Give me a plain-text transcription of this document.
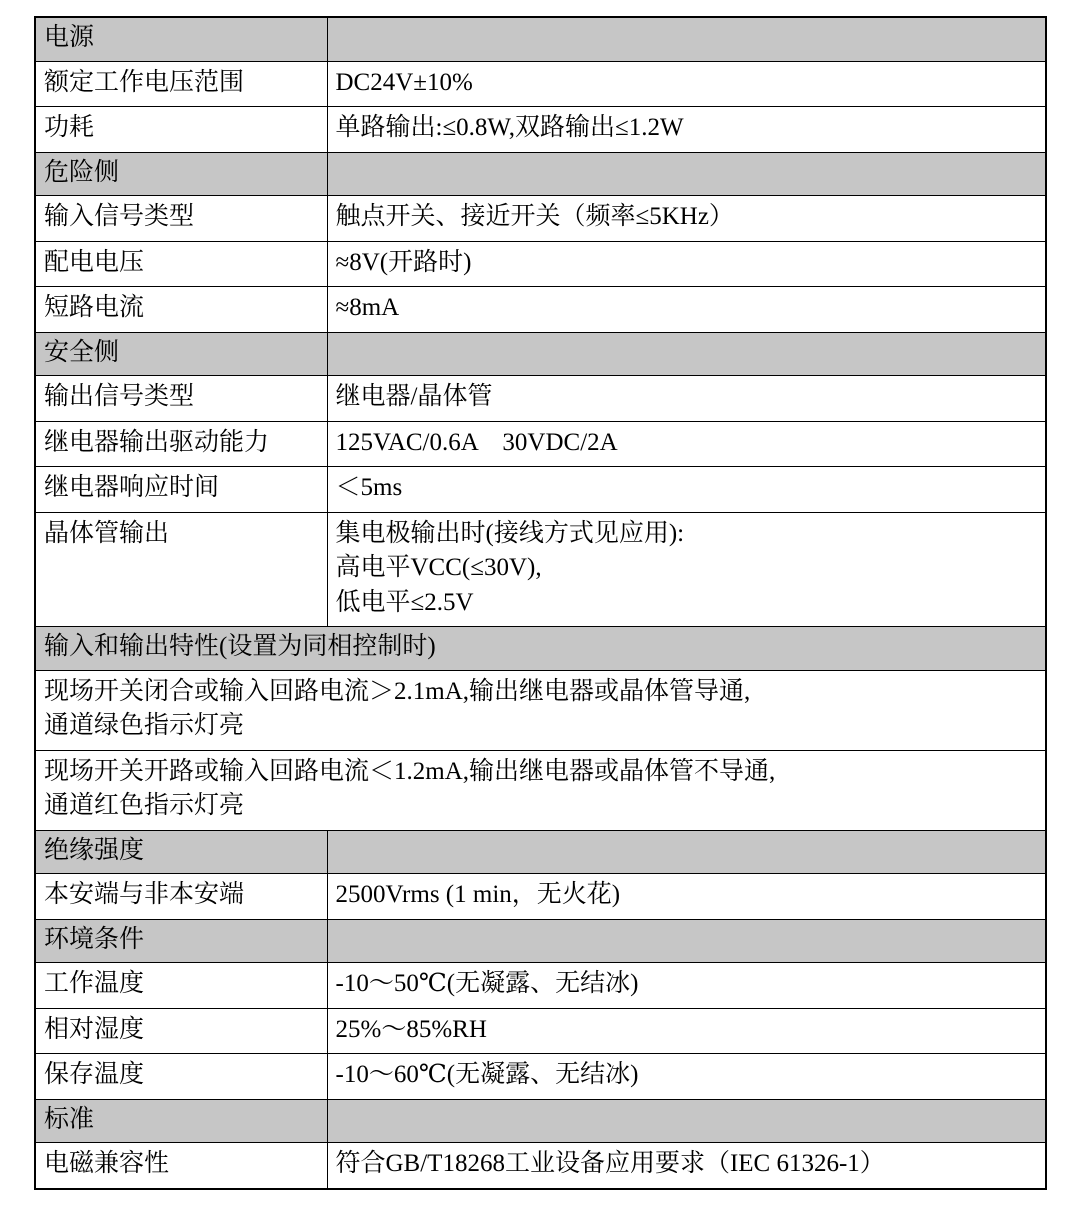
电源	
额定工作电压范围	DC24V±10%
功耗	单路输出:≤0.8W,双路输出≤1.2W
危险侧	
输入信号类型	触点开关、接近开关（频率≤5KHz）
配电电压	≈8V(开路时)
短路电流	≈8mA
安全侧	
输出信号类型	继电器/晶体管
继电器输出驱动能力	125VAC/0.6A　30VDC/2A
继电器响应时间	＜5ms
晶体管输出	集电极输出时(接线方式见应用):
高电平VCC(≤30V),
低电平≤2.5V

输入和输出特性(设置为同相控制时)	

现场开关闭合或输入回路电流＞2.1mA,输出继电器或晶体管导通,
通道绿色指示灯亮	

现场开关开路或输入回路电流＜1.2mA,输出继电器或晶体管不导通,
通道红色指示灯亮	

绝缘强度	
本安端与非本安端	2500Vrms (1 min，无火花)
环境条件	
工作温度	-10～50℃(无凝露、无结冰)
相对湿度	25%～85%RH
保存温度	-10～60℃(无凝露、无结冰)
标准	
电磁兼容性	符合GB/T18268工业设备应用要求（IEC 61326-1）
